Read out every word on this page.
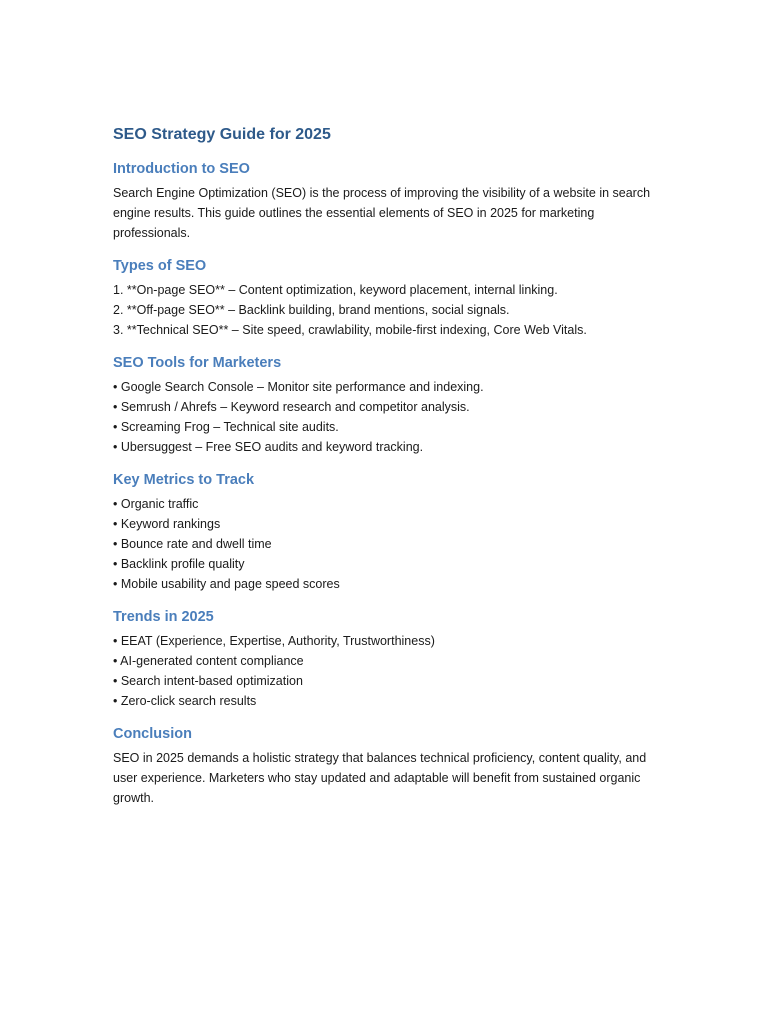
SEO Strategy Guide for 2025
Introduction to SEO

Search Engine Optimization (SEO) is the process of improving the visibility of a website in search engine results. This guide outlines the essential elements of SEO in 2025 for marketing professionals.

Types of SEO
1. **On-page SEO** – Content optimization, keyword placement, internal linking.
2. **Off-page SEO** – Backlink building, brand mentions, social signals.
3. **Technical SEO** – Site speed, crawlability, mobile-first indexing, Core Web Vitals.
SEO Tools for Marketers
• Google Search Console – Monitor site performance and indexing.
• Semrush / Ahrefs – Keyword research and competitor analysis.
• Screaming Frog – Technical site audits.
• Ubersuggest – Free SEO audits and keyword tracking.
Key Metrics to Track
• Organic traffic
• Keyword rankings
• Bounce rate and dwell time
• Backlink profile quality
• Mobile usability and page speed scores
Trends in 2025
• EEAT (Experience, Expertise, Authority, Trustworthiness)
• AI-generated content compliance
• Search intent-based optimization
• Zero-click search results
Conclusion

SEO in 2025 demands a holistic strategy that balances technical proficiency, content quality, and user experience. Marketers who stay updated and adaptable will benefit from sustained organic growth.
